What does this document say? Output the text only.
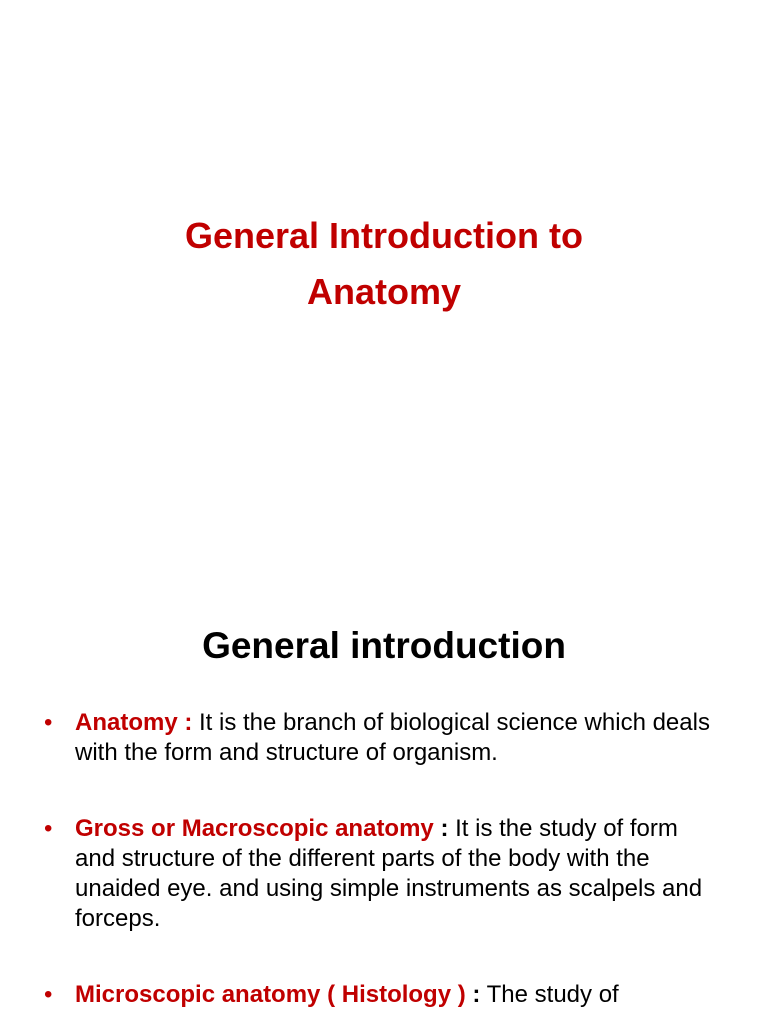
General Introduction to
Anatomy
General introduction
• Anatomy : It is the branch of biological science which deals with the form and structure of organism.
• Gross or Macroscopic anatomy : It is the study of form and structure of the different parts of the body with the unaided eye. and using simple instruments as scalpels and forceps.
• Microscopic anatomy ( Histology ) : The study of
